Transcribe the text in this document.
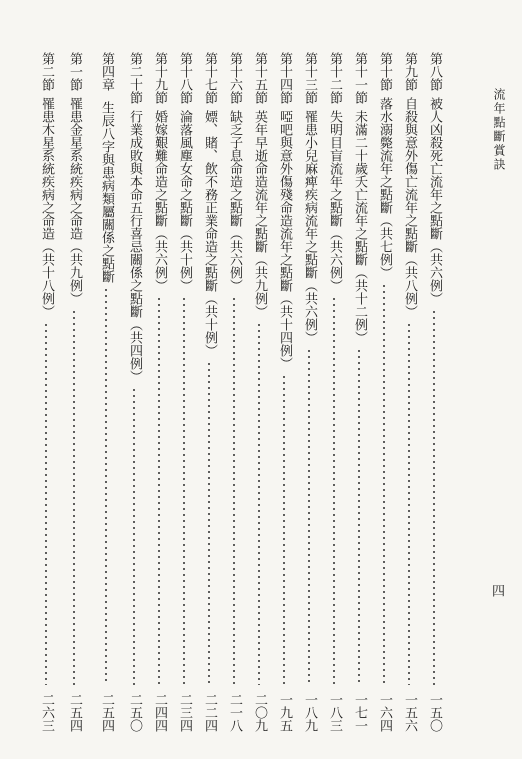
流年點斷賞訣
四
第八節
被人凶殺死亡流年之點斷（共六例）
一五〇
第九節
自殺與意外傷亡流年之點斷（共八例）
一五六
第十節
落水溺斃流年之點斷（共七例）
一六四
第十一節
未滿二十歲夭亡流年之點斷（共十二例）
一七一
第十二節
失明目盲流年之點斷（共六例）
一八三
第十三節
罹患小兒麻痺疾病流年之點斷（共六例）
一八九
第十四節
啞吧與意外傷殘命造流年之點斷（共十四例）
一九五
第十五節
英年早逝命造流年之點斷（共九例）
二〇九
第十六節
缺乏子息命造之點斷（共六例）
二一八
第十七節
嫖、賭、飲不務正業命造之點斷（共十例）
二二四
第十八節
淪落風塵女命之點斷（共十例）
二三四
第十九節
婚嫁艱難命造之點斷（共六例）
二四四
第二十節
行業成敗與本命五行喜忌關係之點斷（共四例）
二五〇
第四章
生辰八字與患病類屬關係之點斷
二五四
第一節
罹患金星系統疾病之命造（共九例）
二五四
第二節
罹患木星系統疾病之命造（共十八例）
二六三
